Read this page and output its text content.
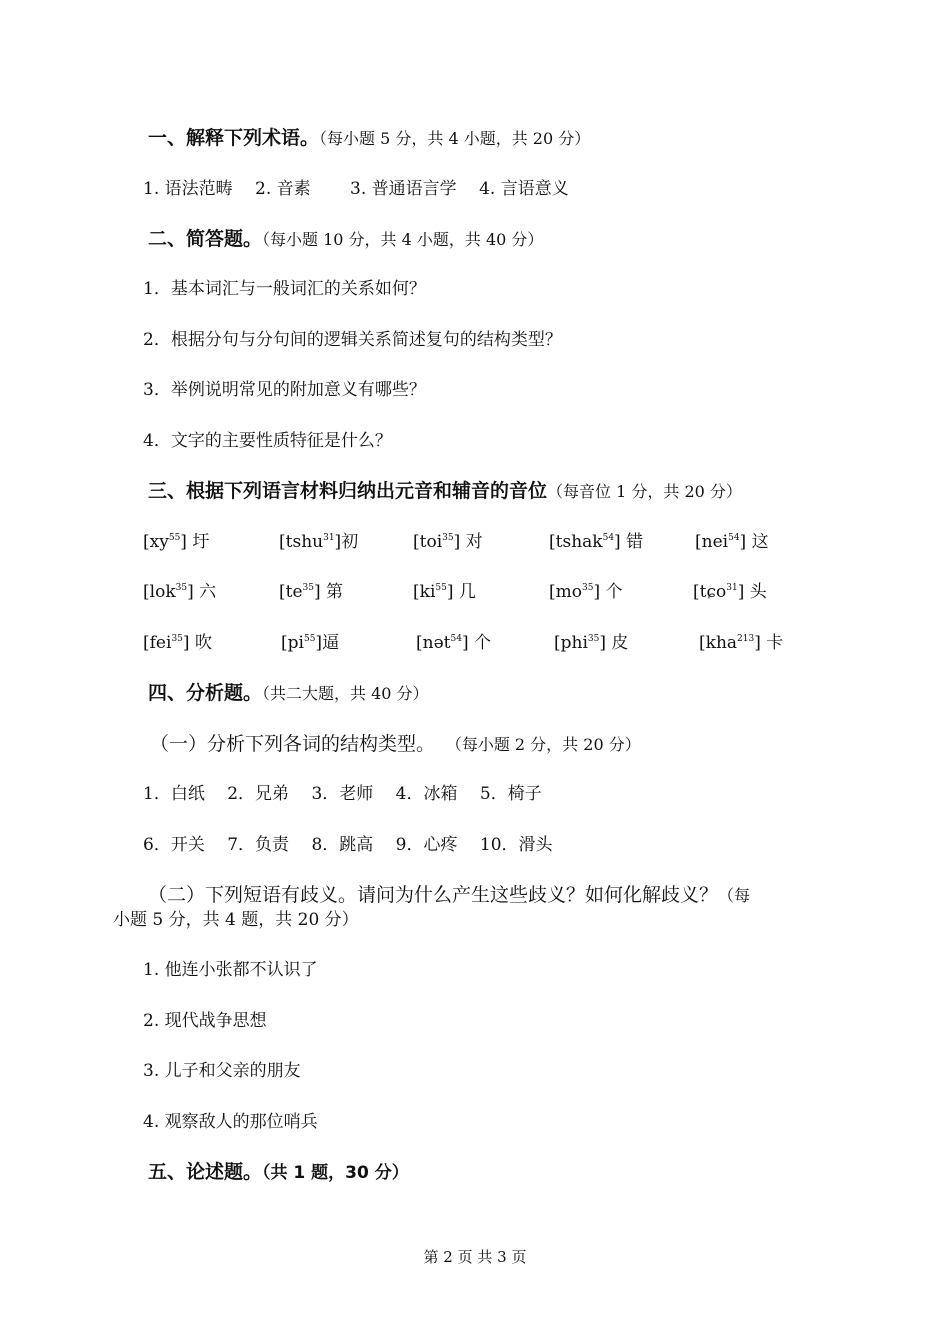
一、解释下列术语。（每小题 5 分，共 4 小题，共 20 分）
1. 语法范畴　 2. 音素　　 3. 普通语言学　 4. 言语意义
二、简答题。（每小题 10 分，共 4 小题，共 40 分）
1．基本词汇与一般词汇的关系如何？
2．根据分句与分句间的逻辑关系简述复句的结构类型？
3．举例说明常见的附加意义有哪些？
4．文字的主要性质特征是什么？
三、根据下列语言材料归纳出元音和辅音的音位（每音位 1 分，共 20 分）
$[xy^{55}]$ 圩	[tshu$^{31}$]初	[toi$^{35}$] 对	[tshak$^{54}$] 错	[nei$^{54}$] 这
[lok$^{35}$] 六	$[te^{35}]$ 第	$[ki^{55}]$ 几	$[mo^{35}]$ 个	[tɕo$^{31}$] 头
[fei$^{35}$] 吹	$[pi^{55}]$逼	[nət$^{54}$] 个	[phi$^{35}$] 皮	[kha$^{213}$] 卡
四、分析题。（共二大题，共 40 分）
（一）分析下列各词的结构类型。 （每小题 2 分，共 20 分）
1．白纸　 2．兄弟　 3．老师　 4．冰箱　 5．椅子
6．开关　 7．负责　 8．跳高　 9．心疼　 10．滑头
（二）下列短语有歧义。请问为什么产生这些歧义？如何化解歧义？（每
小题 5 分，共 4 题，共 20 分）
1. 他连小张都不认识了
2. 现代战争思想
3. 儿子和父亲的朋友
4. 观察敌人的那位哨兵
五、论述题。（共 1 题，30 分）
第 2 页 共 3 页
